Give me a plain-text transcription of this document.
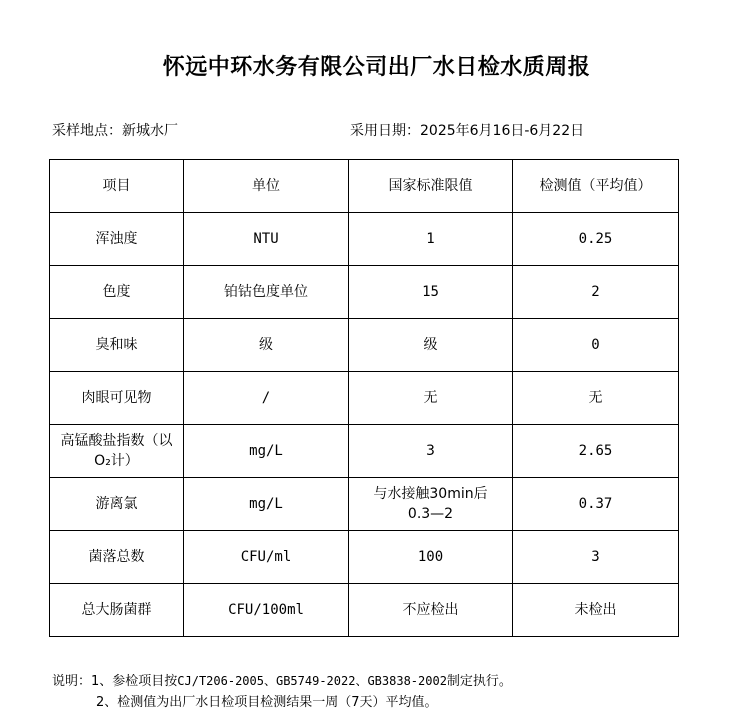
怀远中环水务有限公司出厂水日检水质周报
采样地点：新城水厂	采用日期：2025年6月16日-6月22日
项目	单位	国家标准限值	检测值（平均值）
浑浊度	NTU	1	0.25
色度	铂钴色度单位	15	2
臭和味	级	级	0
肉眼可见物	/	无	无
高锰酸盐指数（以O₂计）	mg/L	3	2.65
游离氯	mg/L	与水接触30min后0.3—2	0.37
菌落总数	CFU/ml	100	3
总大肠菌群	CFU/100ml	不应检出	未检出
说明：1、参检项目按CJ/T206-2005、GB5749-2022、GB3838-2002制定执行。
2、检测值为出厂水日检项目检测结果一周（7天）平均值。
